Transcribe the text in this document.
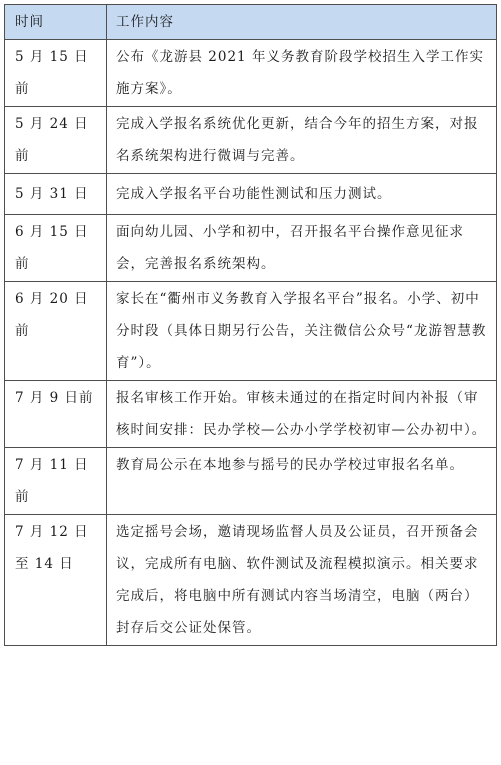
时间	工作内容
5 月 15 日前	公布《龙游县 2021 年义务教育阶段学校招生入学工作实施方案》。
5 月 24 日前	完成入学报名系统优化更新，结合今年的招生方案，对报名系统架构进行微调与完善。
5 月 31 日	完成入学报名平台功能性测试和压力测试。
6 月 15 日前	面向幼儿园、小学和初中，召开报名平台操作意见征求会，完善报名系统架构。
6 月 20 日前	家长在“衢州市义务教育入学报名平台”报名。小学、初中分时段（具体日期另行公告，关注微信公众号“龙游智慧教育”）。
7 月 9 日前	报名审核工作开始。审核未通过的在指定时间内补报（审核时间安排：民办学校—公办小学学校初审—公办初中）。
7 月 11 日前	教育局公示在本地参与摇号的民办学校过审报名名单。
7 月 12 日至 14 日	选定摇号会场，邀请现场监督人员及公证员，召开预备会议，完成所有电脑、软件测试及流程模拟演示。相关要求完成后，将电脑中所有测试内容当场清空，电脑（两台）封存后交公证处保管。
